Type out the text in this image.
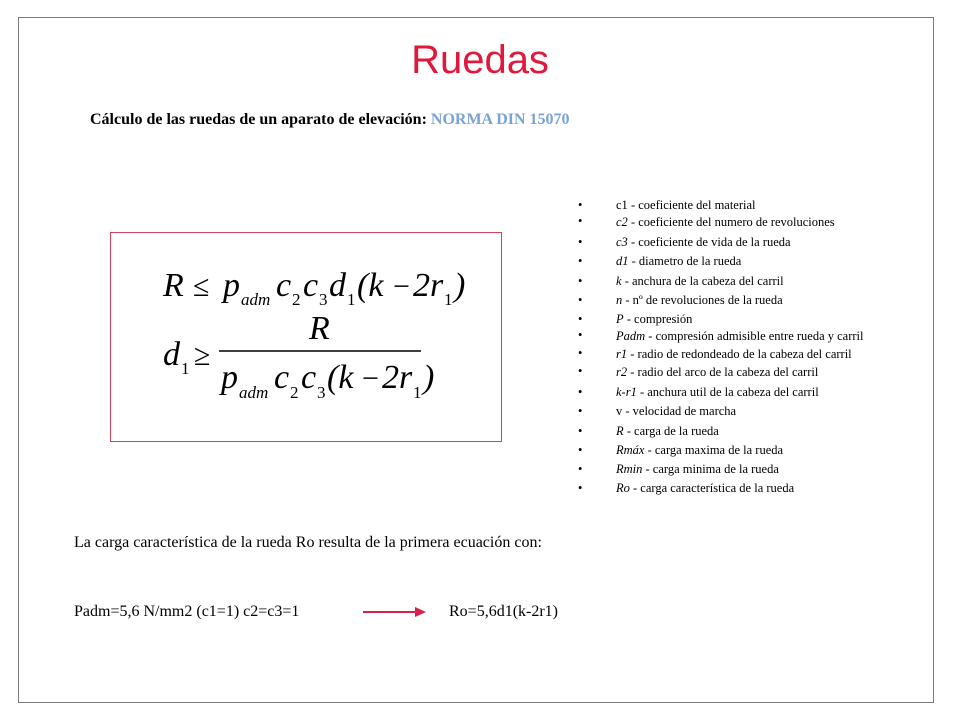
Ruedas
Cálculo de las ruedas de un aparato de elevación: NORMA DIN 15070
R ≤ p adm c 2 c 3 d 1 (k − 2r 1 )
d 1 ≥
R
p adm c 2 c 3 (k − 2r 1 )
• c1 - coeficiente del material
• c2 - coeficiente del numero de revoluciones
• c3 - coeficiente de vida de la rueda
• d1 - diametro de la rueda
• k - anchura de la cabeza del carril
• n - nº de revoluciones de la rueda
• P - compresión
• Padm - compresión admisible entre rueda y carril
• r1 - radio de redondeado de la cabeza del carril
• r2 - radio del arco de la cabeza del carril
• k-r1 - anchura util de la cabeza del carril
• v - velocidad de marcha
• R - carga de la rueda
• Rmáx - carga maxima de la rueda
• Rmin - carga minima de la rueda
• Ro - carga característica de la rueda
La carga característica de la rueda Ro resulta de la primera ecuación con:
Padm=5,6 N/mm2 (c1=1) c2=c3=1	Ro=5,6d1(k-2r1)
